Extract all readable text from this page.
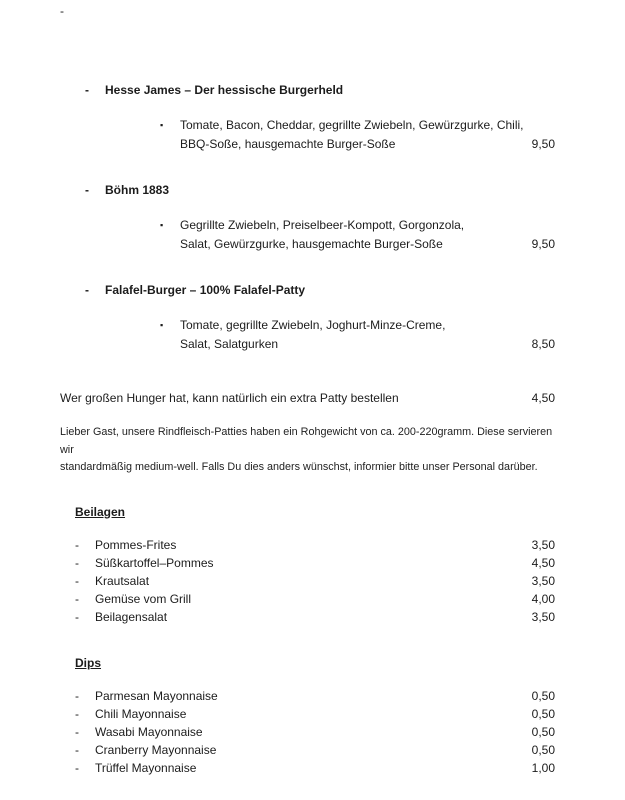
-
-	Hesse James – Der hessische Burgerheld
▪	Tomate, Bacon, Cheddar, gegrillte Zwiebeln, Gewürzgurke, Chili,
BBQ-Soße, hausgemachte Burger-Soße	9,50
-	Böhm 1883
▪	Gegrillte Zwiebeln, Preiselbeer-Kompott, Gorgonzola,
Salat, Gewürzgurke, hausgemachte Burger-Soße	9,50
-	Falafel-Burger – 100% Falafel-Patty
▪	Tomate, gegrillte Zwiebeln, Joghurt-Minze-Creme,
Salat, Salatgurken	8,50
Wer großen Hunger hat, kann natürlich ein extra Patty bestellen	4,50
Lieber Gast, unsere Rindfleisch-Patties haben ein Rohgewicht von ca. 200-220gramm. Diese servieren wir
standardmäßig medium-well. Falls Du dies anders wünschst, informier bitte unser Personal darüber.
Beilagen
-	Pommes-Frites	3,50
-	Süßkartoffel–Pommes	4,50
-	Krautsalat	3,50
-	Gemüse vom Grill	4,00
-	Beilagensalat	3,50
Dips
-	Parmesan Mayonnaise	0,50
-	Chili Mayonnaise	0,50
-	Wasabi Mayonnaise	0,50
-	Cranberry Mayonnaise	0,50
-	Trüffel Mayonnaise	1,00
